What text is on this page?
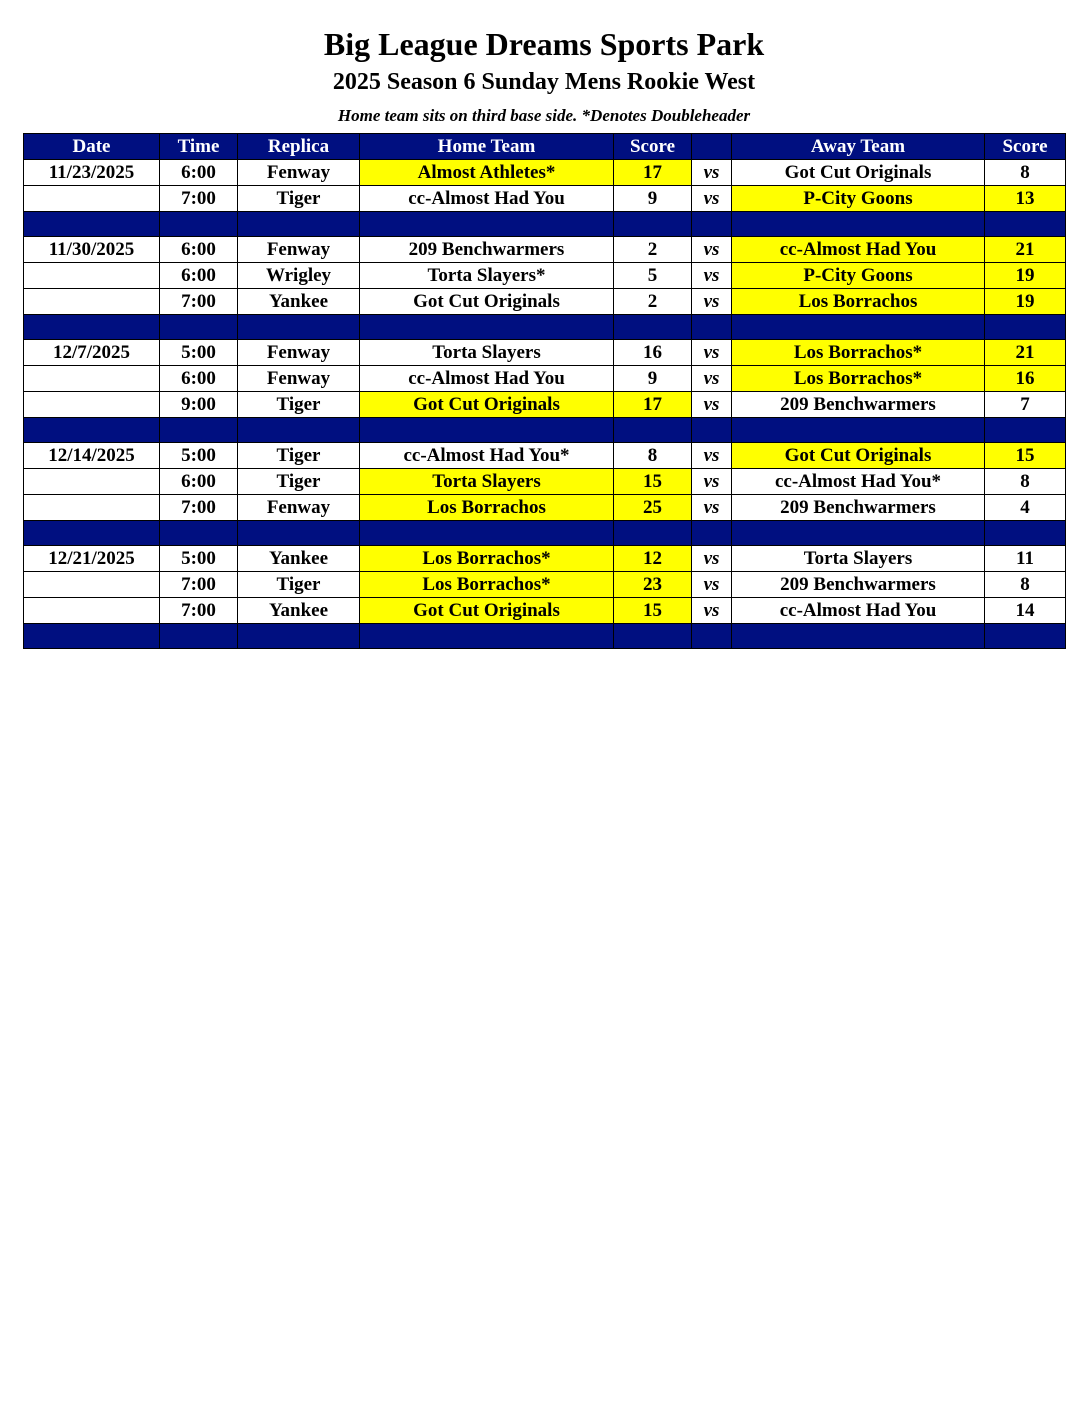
Big League Dreams Sports Park
2025 Season 6 Sunday Mens Rookie West
Home team sits on third base side. *Denotes Doubleheader
Date	Time	Replica	Home Team	Score		Away Team	Score
11/23/2025	6:00	Fenway	Almost Athletes*	17	vs	Got Cut Originals	8
	7:00	Tiger	cc-Almost Had You	9	vs	P-City Goons	13

11/30/2025	6:00	Fenway	209 Benchwarmers	2	vs	cc-Almost Had You	21
	6:00	Wrigley	Torta Slayers*	5	vs	P-City Goons	19
	7:00	Yankee	Got Cut Originals	2	vs	Los Borrachos	19

12/7/2025	5:00	Fenway	Torta Slayers	16	vs	Los Borrachos*	21
	6:00	Fenway	cc-Almost Had You	9	vs	Los Borrachos*	16
	9:00	Tiger	Got Cut Originals	17	vs	209 Benchwarmers	7

12/14/2025	5:00	Tiger	cc-Almost Had You*	8	vs	Got Cut Originals	15
	6:00	Tiger	Torta Slayers	15	vs	cc-Almost Had You*	8
	7:00	Fenway	Los Borrachos	25	vs	209 Benchwarmers	4

12/21/2025	5:00	Yankee	Los Borrachos*	12	vs	Torta Slayers	11
	7:00	Tiger	Los Borrachos*	23	vs	209 Benchwarmers	8
	7:00	Yankee	Got Cut Originals	15	vs	cc-Almost Had You	14
